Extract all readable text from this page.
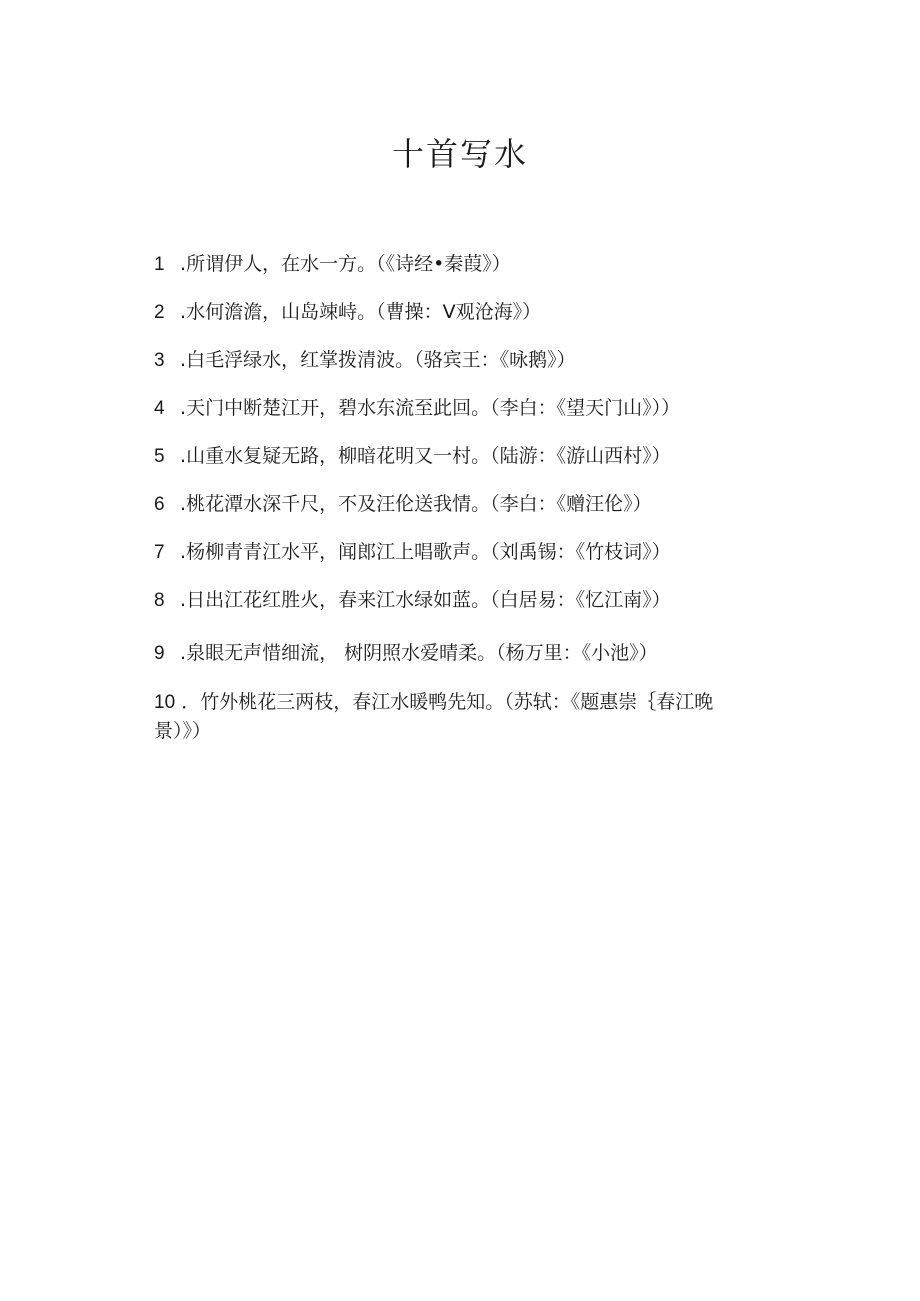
十首写水
1 .所谓伊人，在水一方。（《诗经•秦葭》）
2 .水何澹澹，山岛竦峙。（曹操：V观沧海》）
3 .白毛浮绿水，红掌拨清波。（骆宾王：《咏鹅》）
4 .天门中断楚江开，碧水东流至此回。（李白：《望天门山》））
5 .山重水复疑无路，柳暗花明又一村。（陆游：《游山西村》）
6 .桃花潭水深千尺，不及汪伦送我情。（李白：《赠汪伦》）
7 .杨柳青青江水平，闻郎江上唱歌声。（刘禹锡：《竹枝词》）
8 .日出江花红胜火，春来江水绿如蓝。（白居易：《忆江南》）
9 .泉眼无声惜细流， 树阴照水爱晴柔。（杨万里：《小池》）
10 ．竹外桃花三两枝，春江水暖鸭先知。（苏轼：《题惠崇｛春江晚景）》）
